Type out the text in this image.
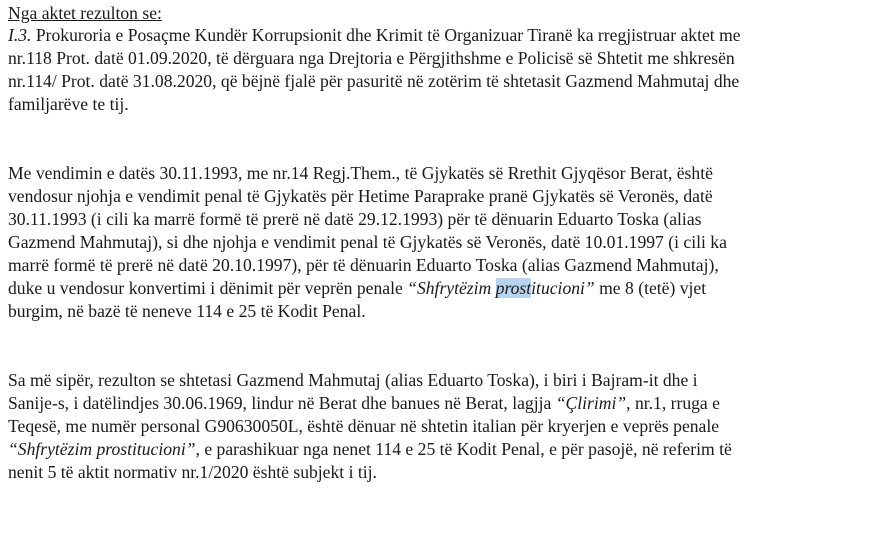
Nga aktet rezulton se:
I.3. Prokuroria e Posaçme Kundër Korrupsionit dhe Krimit të Organizuar Tiranë ka rregjistruar aktet me
nr.118 Prot. datë 01.09.2020, të dërguara nga Drejtoria e Përgjithshme e Policisë së Shtetit me shkresën
nr.114/ Prot. datë 31.08.2020, që bëjnë fjalë për pasuritë në zotërim të shtetasit Gazmend Mahmutaj dhe
familjarëve te tij.
Me vendimin e datës 30.11.1993, me nr.14 Regj.Them., të Gjykatës së Rrethit Gjyqësor Berat, është
vendosur njohja e vendimit penal të Gjykatës për Hetime Paraprake pranë Gjykatës së Veronës, datë
30.11.1993 (i cili ka marrë formë të prerë në datë 29.12.1993) për të dënuarin Eduarto Toska (alias
Gazmend Mahmutaj), si dhe njohja e vendimit penal të Gjykatës së Veronës, datë 10.01.1997 (i cili ka
marrë formë të prerë në datë 20.10.1997), për të dënuarin Eduarto Toska (alias Gazmend Mahmutaj),
duke u vendosur konvertimi i dënimit për veprën penale “Shfrytëzim prostitucioni” me 8 (tetë) vjet
burgim, në bazë të neneve 114 e 25 të Kodit Penal.
Sa më sipër, rezulton se shtetasi Gazmend Mahmutaj (alias Eduarto Toska), i biri i Bajram-it dhe i
Sanije-s, i datëlindjes 30.06.1969, lindur në Berat dhe banues në Berat, lagjja “Çlirimi”, nr.1, rruga e
Teqesë, me numër personal G90630050L, është dënuar në shtetin italian për kryerjen e veprës penale
“Shfrytëzim prostitucioni”, e parashikuar nga nenet 114 e 25 të Kodit Penal, e për pasojë, në referim të
nenit 5 të aktit normativ nr.1/2020 është subjekt i tij.
